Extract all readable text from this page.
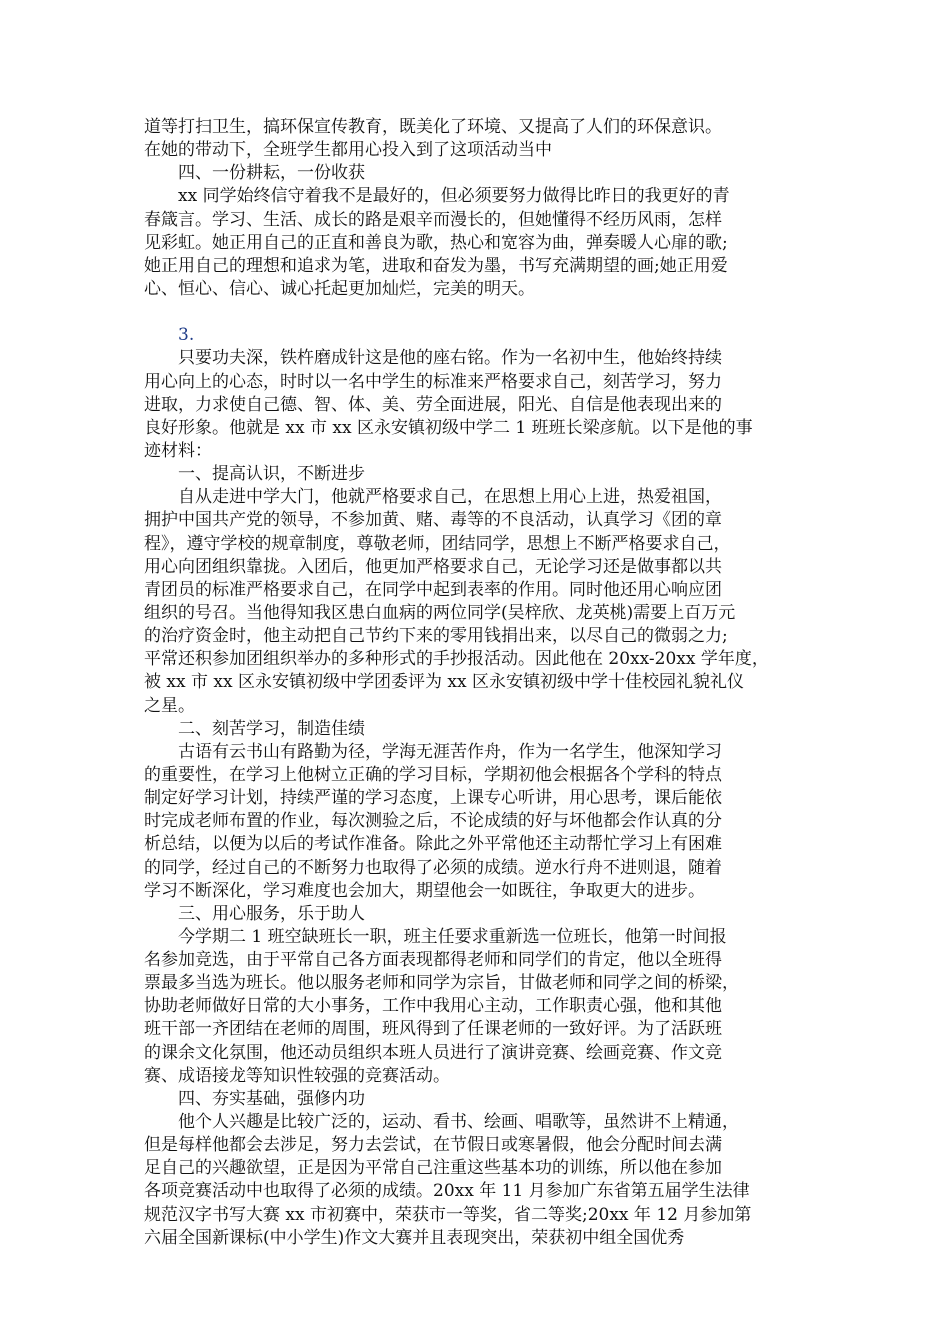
道等打扫卫生，搞环保宣传教育，既美化了环境、又提高了人们的环保意识。
在她的带动下，全班学生都用心投入到了这项活动当中
四、一份耕耘，一份收获
xx 同学始终信守着我不是最好的，但必须要努力做得比昨日的我更好的青
春箴言。学习、生活、成长的路是艰辛而漫长的，但她懂得不经历风雨，怎样
见彩虹。她正用自己的正直和善良为歌，热心和宽容为曲，弹奏暖人心扉的歌;
她正用自己的理想和追求为笔，进取和奋发为墨，书写充满期望的画;她正用爱
心、恒心、信心、诚心托起更加灿烂，完美的明天。
3.
只要功夫深，铁杵磨成针这是他的座右铭。作为一名初中生，他始终持续
用心向上的心态，时时以一名中学生的标准来严格要求自己，刻苦学习，努力
进取，力求使自己德、智、体、美、劳全面进展，阳光、自信是他表现出来的
良好形象。他就是 xx 市 xx 区永安镇初级中学二 1 班班长梁彦航。以下是他的事
迹材料：
一、提高认识，不断进步
自从走进中学大门，他就严格要求自己，在思想上用心上进，热爱祖国，
拥护中国共产党的领导，不参加黄、赌、毒等的不良活动，认真学习《团的章
程》，遵守学校的规章制度，尊敬老师，团结同学，思想上不断严格要求自己，
用心向团组织靠拢。入团后，他更加严格要求自己，无论学习还是做事都以共
青团员的标准严格要求自己，在同学中起到表率的作用。同时他还用心响应团
组织的号召。当他得知我区患白血病的两位同学(吴梓欣、龙英桃)需要上百万元
的治疗资金时，他主动把自己节约下来的零用钱捐出来，以尽自己的微弱之力;
平常还积参加团组织举办的多种形式的手抄报活动。因此他在 20xx-20xx 学年度，
被 xx 市 xx 区永安镇初级中学团委评为 xx 区永安镇初级中学十佳校园礼貌礼仪
之星。
二、刻苦学习，制造佳绩
古语有云书山有路勤为径，学海无涯苦作舟，作为一名学生，他深知学习
的重要性，在学习上他树立正确的学习目标，学期初他会根据各个学科的特点
制定好学习计划，持续严谨的学习态度，上课专心听讲，用心思考，课后能依
时完成老师布置的作业，每次测验之后，不论成绩的好与坏他都会作认真的分
析总结，以便为以后的考试作准备。除此之外平常他还主动帮忙学习上有困难
的同学，经过自己的不断努力也取得了必须的成绩。逆水行舟不进则退，随着
学习不断深化，学习难度也会加大，期望他会一如既往，争取更大的进步。
三、用心服务，乐于助人
今学期二 1 班空缺班长一职，班主任要求重新选一位班长，他第一时间报
名参加竞选，由于平常自己各方面表现都得老师和同学们的肯定，他以全班得
票最多当选为班长。他以服务老师和同学为宗旨，甘做老师和同学之间的桥梁，
协助老师做好日常的大小事务，工作中我用心主动，工作职责心强，他和其他
班干部一齐团结在老师的周围，班风得到了任课老师的一致好评。为了活跃班
的课余文化氛围，他还动员组织本班人员进行了演讲竞赛、绘画竞赛、作文竞
赛、成语接龙等知识性较强的竞赛活动。
四、夯实基础，强修内功
他个人兴趣是比较广泛的，运动、看书、绘画、唱歌等，虽然讲不上精通，
但是每样他都会去涉足，努力去尝试，在节假日或寒暑假，他会分配时间去满
足自己的兴趣欲望，正是因为平常自己注重这些基本功的训练，所以他在参加
各项竞赛活动中也取得了必须的成绩。20xx 年 11 月参加广东省第五届学生法律
规范汉字书写大赛 xx 市初赛中，荣获市一等奖，省二等奖;20xx 年 12 月参加第
六届全国新课标(中小学生)作文大赛并且表现突出，荣获初中组全国优秀
